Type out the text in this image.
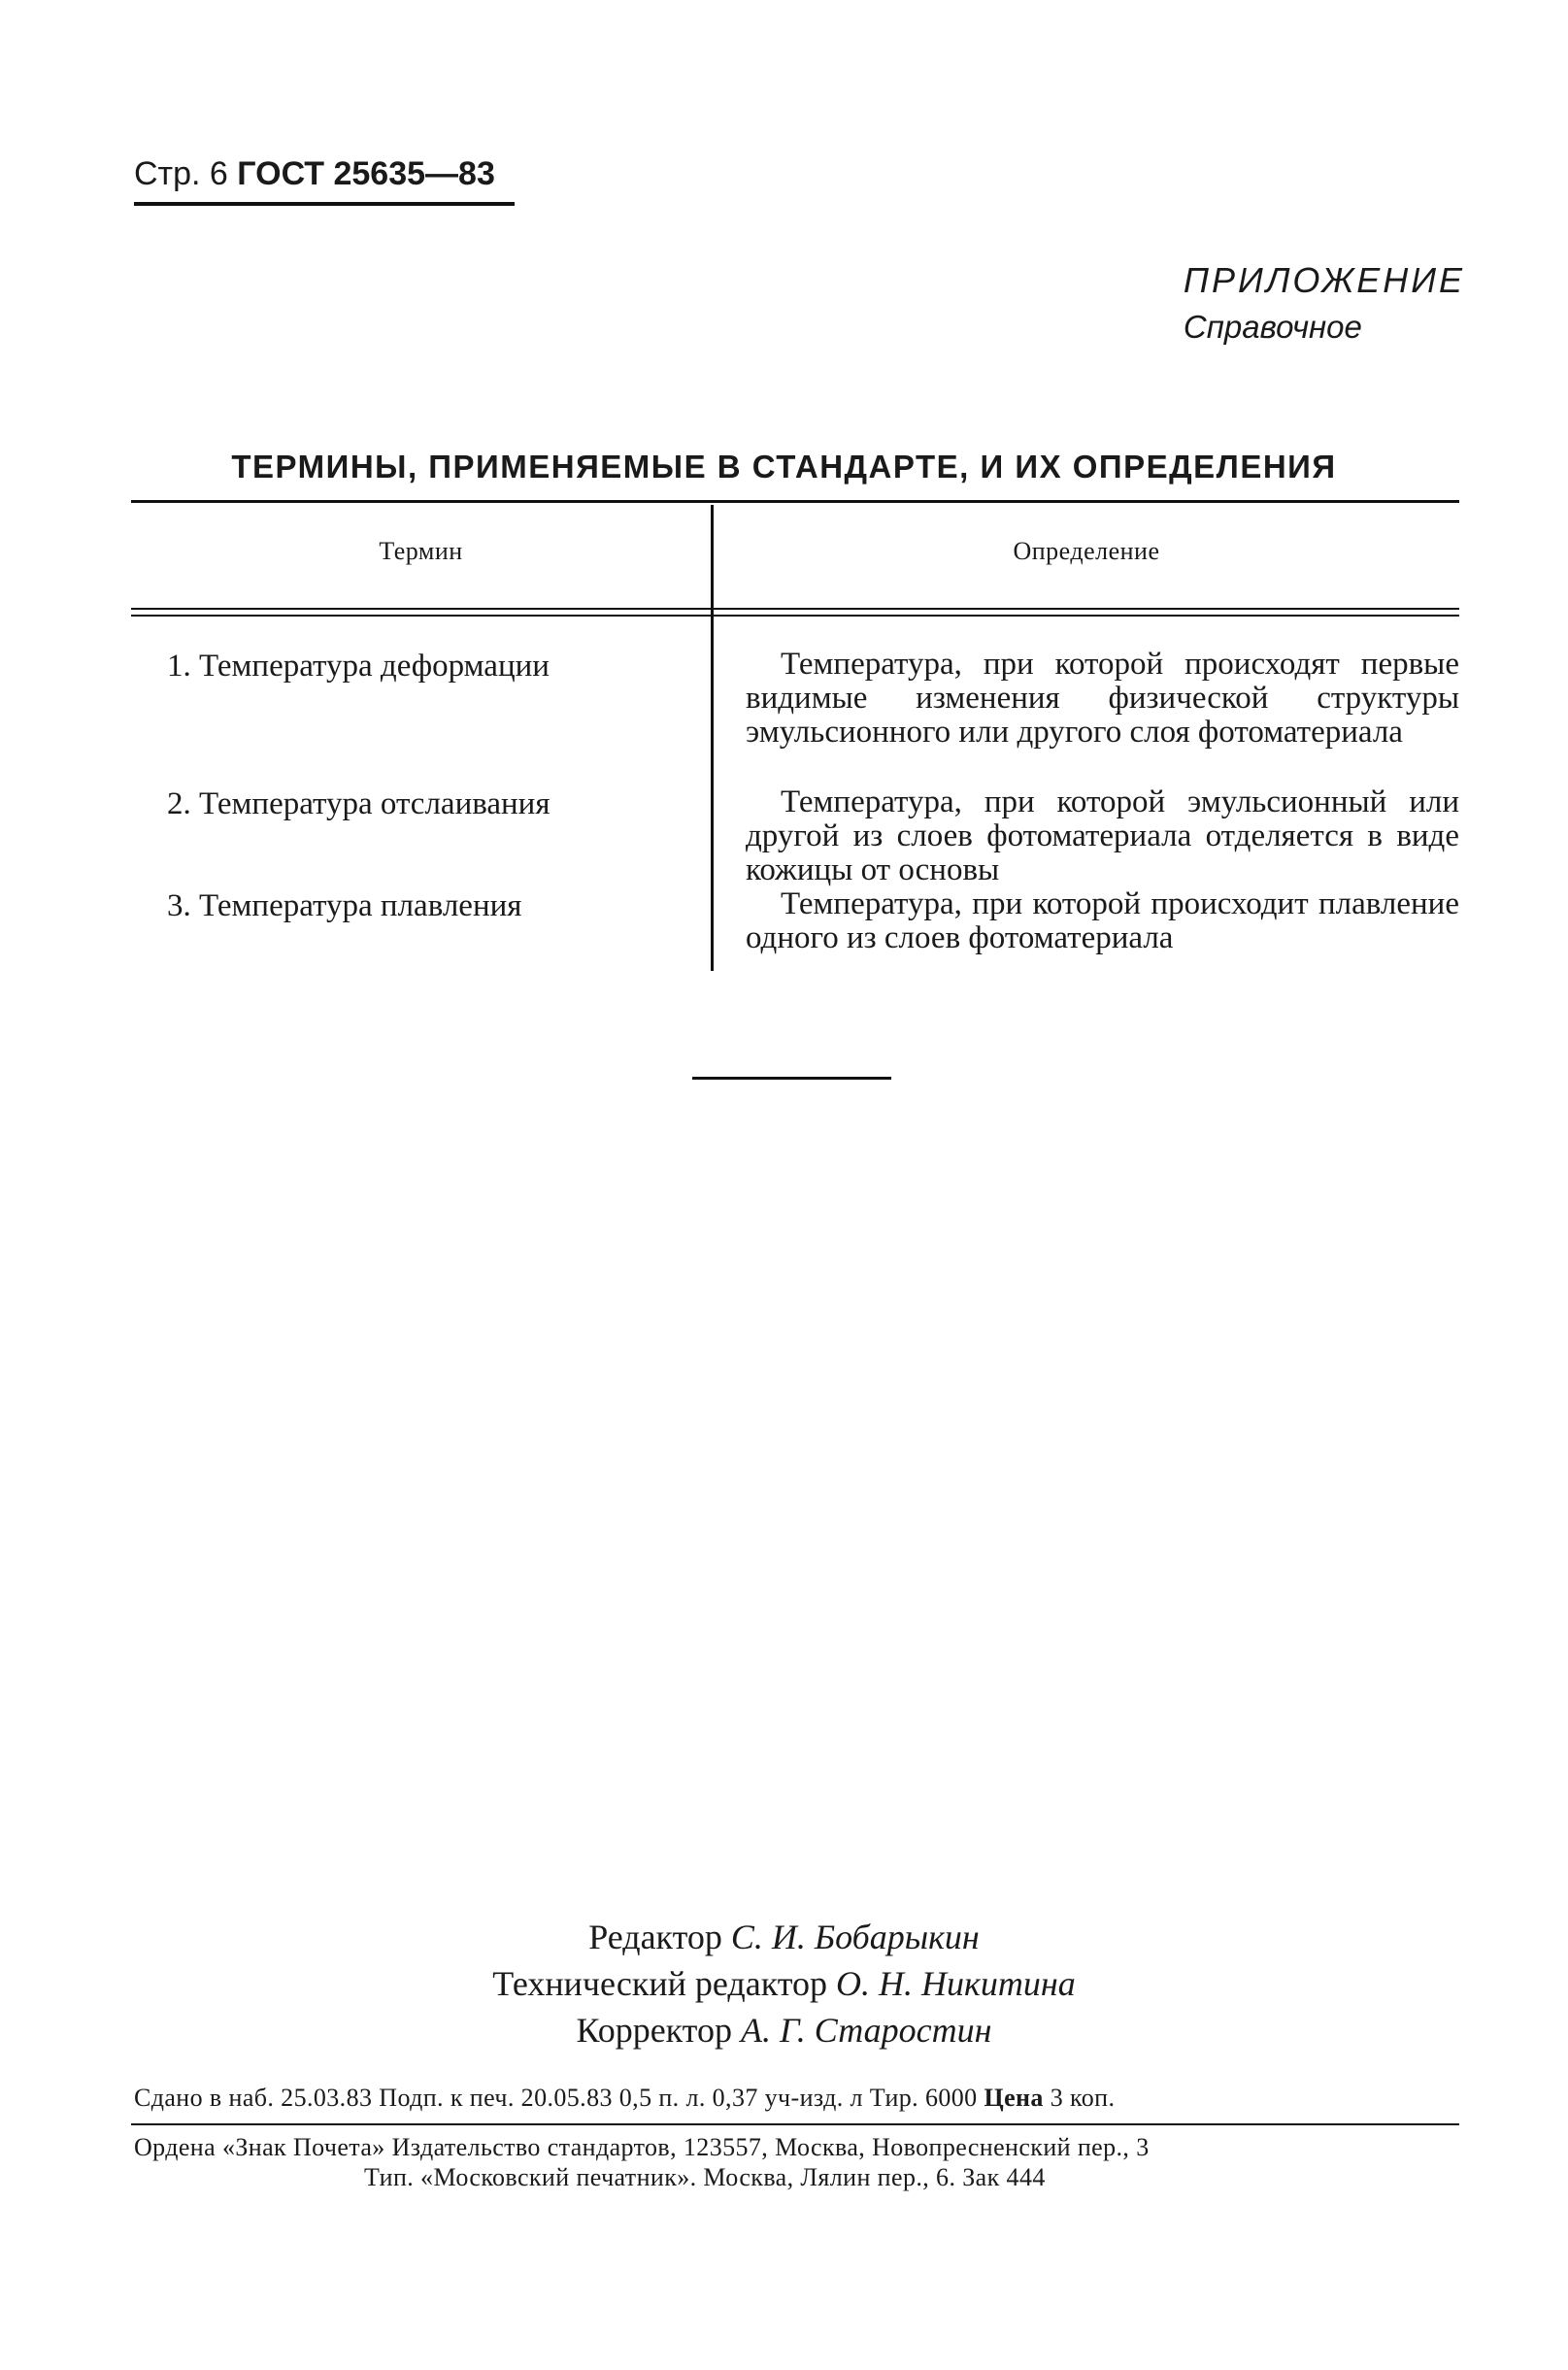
Стр. 6 ГОСТ 25635—83
ПРИЛОЖЕНИЕ
Справочное
ТЕРМИНЫ, ПРИМЕНЯЕМЫЕ В СТАНДАРТЕ, И ИХ ОПРЕДЕЛЕНИЯ
Термин	Определение
1. Температура деформации	Температура, при которой происходят первые видимые изменения физической структуры эмульсионного или другого слоя фотоматериала
2. Температура отслаивания	Температура, при которой эмульсионный или другой из слоев фотоматериала отделяется в виде кожицы от основы
3. Температура плавления	Температура, при которой происходит плавление одного из слоев фотоматериала
Редактор С. И. Бобарыкин
Технический редактор О. Н. Никитина
Корректор А. Г. Старостин
Сдано в наб. 25.03.83 Подп. к печ. 20.05.83 0,5 п. л. 0,37 уч-изд. л Тир. 6000 Цена 3 коп.
Ордена «Знак Почета» Издательство стандартов, 123557, Москва, Новопресненский пер., 3
Тип. «Московский печатник». Москва, Лялин пер., 6. Зак 444
